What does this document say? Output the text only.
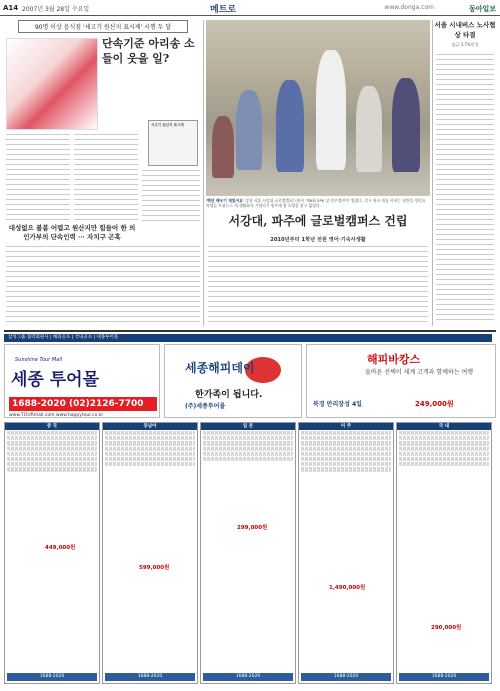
A14 2007년 3월 28일 수요일	메트로	www.donga.com	동아일보
90명 이상 음식점 '세고기 원산지 표시제' 시행 두 달
단속기준 아리송 소들이 웃을 일?
서고기 원산지 표시제
대성없으 볼봄 어렵고 원산지만 힘들어 한 의인가부의 단속인력 ··· 자치구 곤혹
'백년 배우기 재밌어요' 강남 서울 서강대 글로벌캠퍼스에서 '제6회 SPK 상 연주경연'이 열렸다. 각시 원터 개를 비비는 첫만을 정리를 학생들 트위드스 개 생활하지 기념리기 원트에 참 호양을 찾고 없었다.
서강대, 파주에 글로벌캠퍼스 건립
2010년부터 1학년 전원 영어·기숙사생활
서울 시내버스 노사협상 타결
임금 3.7%인상
삼성그룹 협력회원사 | 해외골프 | 국내골프 | 세종투어몰
Sunshine Tour Mall
세종 투어몰
1688-2020 (02)2126-7700
www.TOURmall.com www.happytour.co.kr
세종해피데이
한가족이 됩니다.
(주)세종투어몰
해피바캉스
올바른 선택이 세계 고객과 함께하는 여행
북경 만리장성 4일	249,000원
중 국
449,000원
1688-2020
동남아
599,000원
1688-2020
일 본
299,000원
1688-2020
미 주
1,490,000원
1688-2020
국 내
290,000원
1688-2020
